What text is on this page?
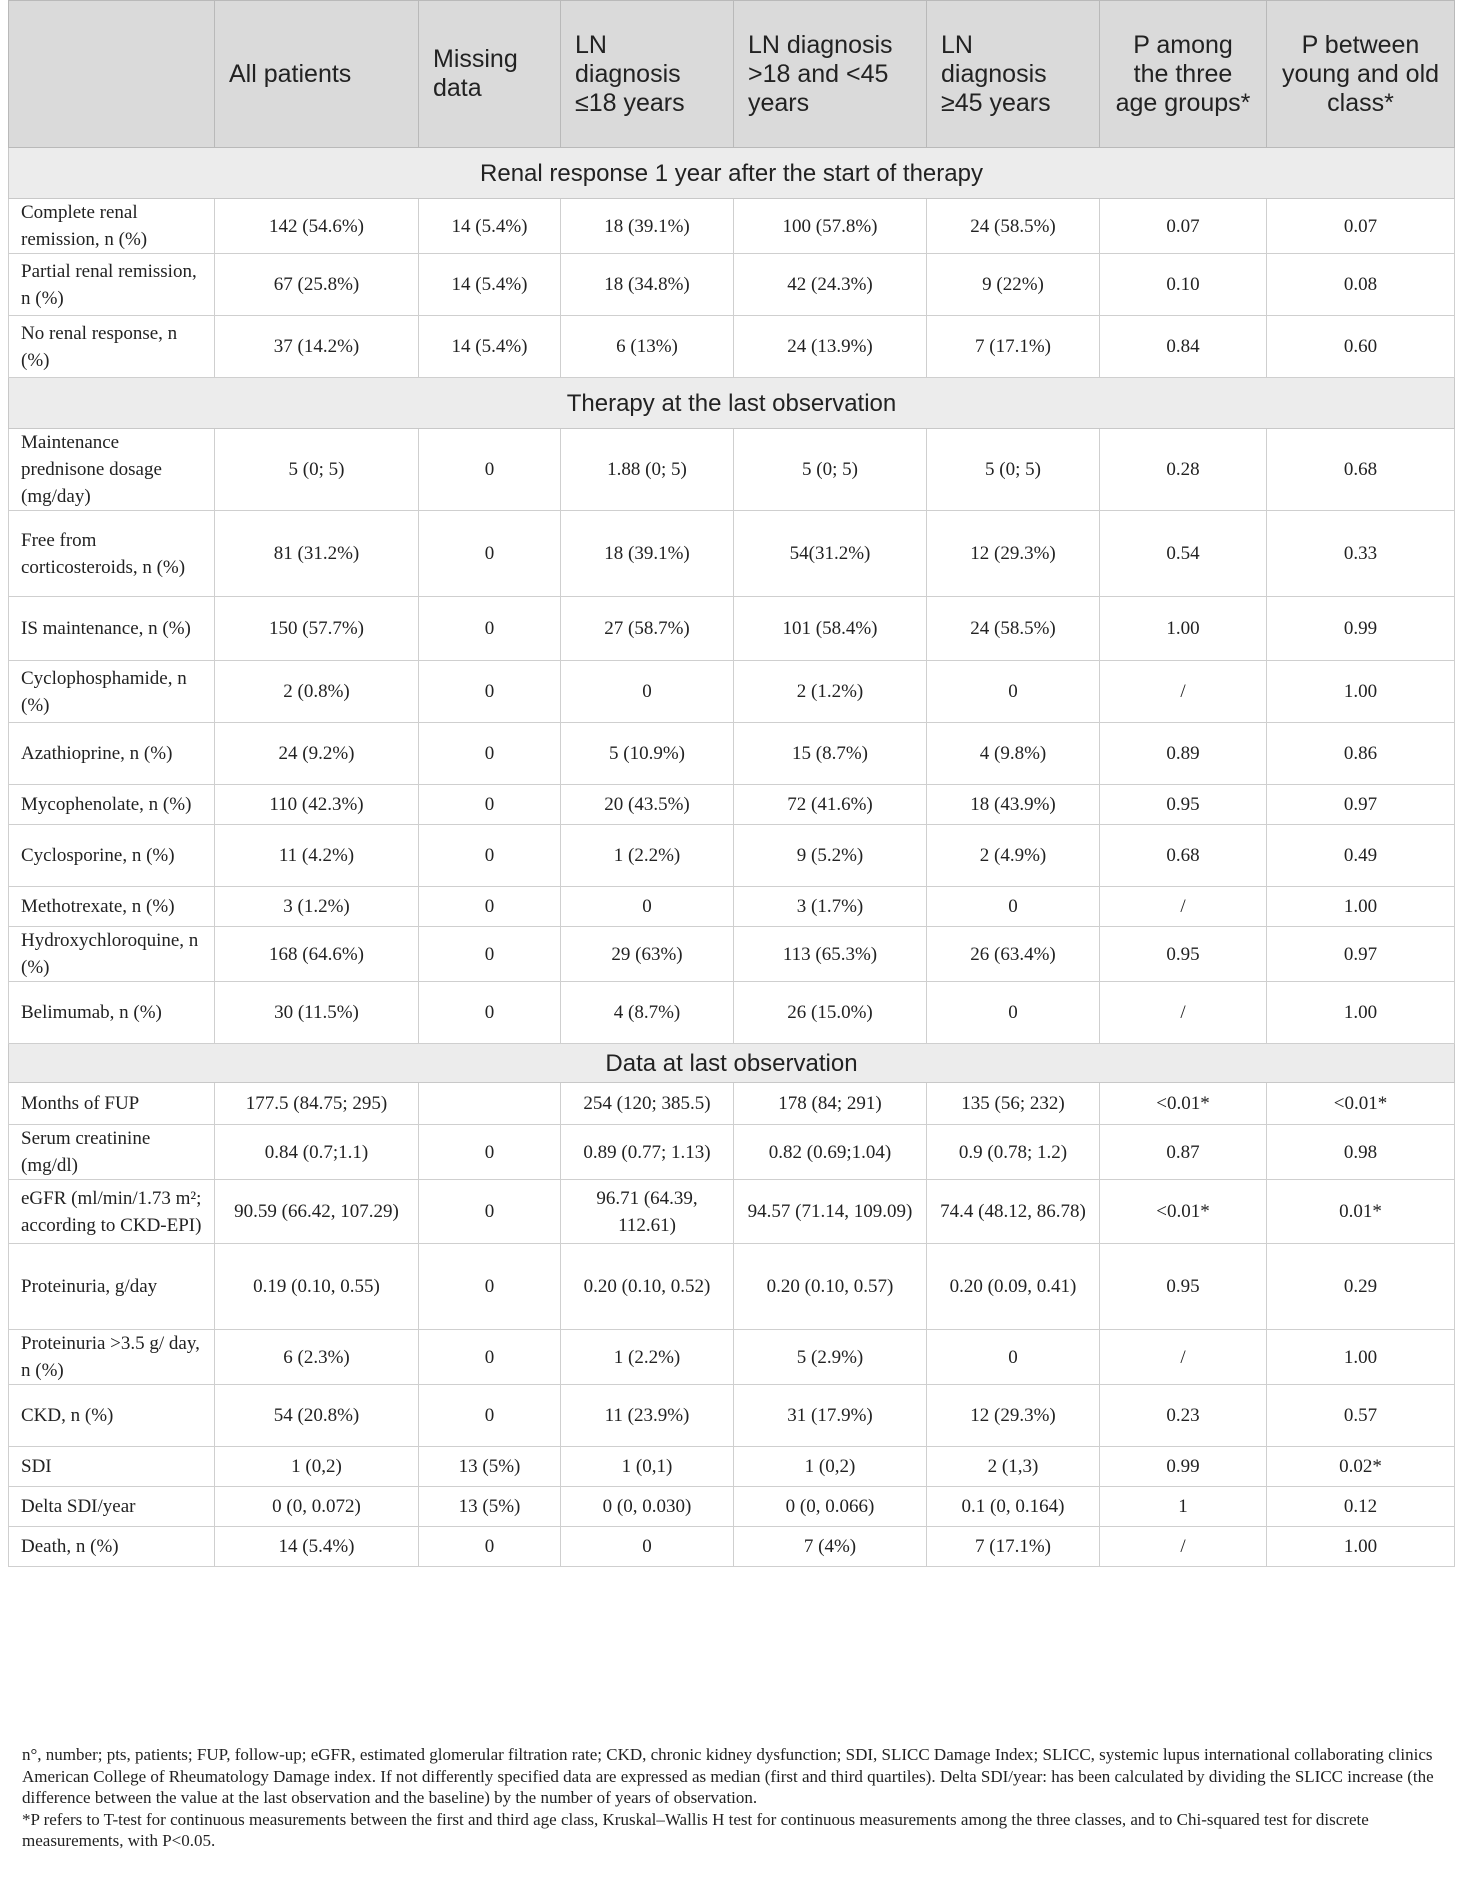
	All patients	Missing data	LN diagnosis ≤18 years	LN diagnosis >18 and <45 years	LN diagnosis ≥45 years	P among the three age groups*	P between young and old class*
Renal response 1 year after the start of therapy							
Complete renal remission, n (%)	142 (54.6%)	14 (5.4%)	18 (39.1%)	100 (57.8%)	24 (58.5%)	0.07	0.07
Partial renal remission, n (%)	67 (25.8%)	14 (5.4%)	18 (34.8%)	42 (24.3%)	9 (22%)	0.10	0.08
No renal response, n (%)	37 (14.2%)	14 (5.4%)	6 (13%)	24 (13.9%)	7 (17.1%)	0.84	0.60
Therapy at the last observation							
Maintenance prednisone dosage (mg/day)	5 (0; 5)	0	1.88 (0; 5)	5 (0; 5)	5 (0; 5)	0.28	0.68
Free from corticosteroids, n (%)	81 (31.2%)	0	18 (39.1%)	54(31.2%)	12 (29.3%)	0.54	0.33
IS maintenance, n (%)	150 (57.7%)	0	27 (58.7%)	101 (58.4%)	24 (58.5%)	1.00	0.99
Cyclophosphamide, n (%)	2 (0.8%)	0	0	2 (1.2%)	0	/	1.00
Azathioprine, n (%)	24 (9.2%)	0	5 (10.9%)	15 (8.7%)	4 (9.8%)	0.89	0.86
Mycophenolate, n (%)	110 (42.3%)	0	20 (43.5%)	72 (41.6%)	18 (43.9%)	0.95	0.97
Cyclosporine, n (%)	11 (4.2%)	0	1 (2.2%)	9 (5.2%)	2 (4.9%)	0.68	0.49
Methotrexate, n (%)	3 (1.2%)	0	0	3 (1.7%)	0	/	1.00
Hydroxychloroquine, n (%)	168 (64.6%)	0	29 (63%)	113 (65.3%)	26 (63.4%)	0.95	0.97
Belimumab, n (%)	30 (11.5%)	0	4 (8.7%)	26 (15.0%)	0	/	1.00
Data at last observation							
Months of FUP	177.5 (84.75; 295)		254 (120; 385.5)	178 (84; 291)	135 (56; 232)	<0.01*	<0.01*
Serum creatinine (mg/dl)	0.84 (0.7;1.1)	0	0.89 (0.77; 1.13)	0.82 (0.69;1.04)	0.9 (0.78; 1.2)	0.87	0.98
eGFR (ml/min/1.73 m²; according to CKD-EPI)	90.59 (66.42, 107.29)	0	96.71 (64.39, 112.61)	94.57 (71.14, 109.09)	74.4 (48.12, 86.78)	<0.01*	0.01*
Proteinuria, g/day	0.19 (0.10, 0.55)	0	0.20 (0.10, 0.52)	0.20 (0.10, 0.57)	0.20 (0.09, 0.41)	0.95	0.29
Proteinuria >3.5 g/ day, n (%)	6 (2.3%)	0	1 (2.2%)	5 (2.9%)	0	/	1.00
CKD, n (%)	54 (20.8%)	0	11 (23.9%)	31 (17.9%)	12 (29.3%)	0.23	0.57
SDI	1 (0,2)	13 (5%)	1 (0,1)	1 (0,2)	2 (1,3)	0.99	0.02*
Delta SDI/year	0 (0, 0.072)	13 (5%)	0 (0, 0.030)	0 (0, 0.066)	0.1 (0, 0.164)	1	0.12
Death, n (%)	14 (5.4%)	0	0	7 (4%)	7 (17.1%)	/	1.00

n°, number; pts, patients; FUP, follow-up; eGFR, estimated glomerular filtration rate; CKD, chronic kidney dysfunction; SDI, SLICC Damage Index; SLICC, systemic lupus international collaborating clinics American College of Rheumatology Damage index. If not differently specified data are expressed as median (first and third quartiles). Delta SDI/year: has been calculated by dividing the SLICC increase (the difference between the value at the last observation and the baseline) by the number of years of observation.

*P refers to T-test for continuous measurements between the first and third age class, Kruskal–Wallis H test for continuous measurements among the three classes, and to Chi-squared test for discrete measurements, with P<0.05.
